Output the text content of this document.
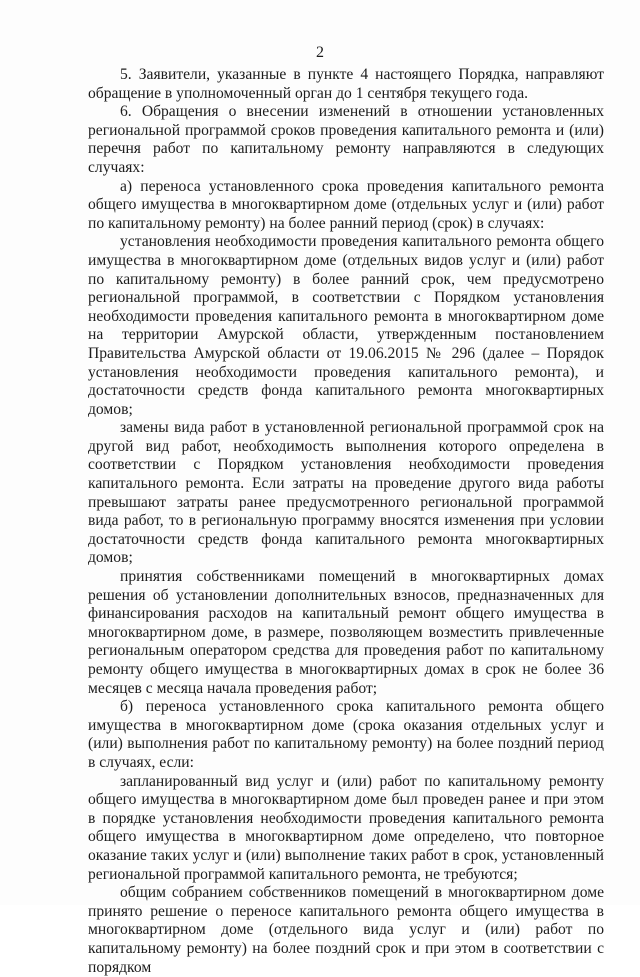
2

5. Заявители, указанные в пункте 4 настоящего Порядка, направляют обращение в уполномоченный орган до 1 сентября текущего года.

6. Обращения о внесении изменений в отношении установленных региональной программой сроков проведения капитального ремонта и (или) перечня работ по капитальному ремонту направляются в следующих случаях:

а) переноса установленного срока проведения капитального ремонта общего имущества в многоквартирном доме (отдельных услуг и (или) работ по капитальному ремонту) на более ранний период (срок) в случаях:

установления необходимости проведения капитального ремонта общего имущества в многоквартирном доме (отдельных видов услуг и (или) работ по капитальному ремонту) в более ранний срок, чем предусмотрено региональной программой, в соответствии с Порядком установления необходимости проведения капитального ремонта в многоквартирном доме на территории Амурской области, утвержденным постановлением Правительства Амурской области от 19.06.2015 № 296 (далее – Порядок установления необходимости проведения капитального ремонта), и достаточности средств фонда капитального ремонта многоквартирных домов;

замены вида работ в установленной региональной программой срок на другой вид работ, необходимость выполнения которого определена в соответствии с Порядком установления необходимости проведения капитального ремонта. Если затраты на проведение другого вида работы превышают затраты ранее предусмотренного региональной программой вида работ, то в региональную программу вносятся изменения при условии достаточности средств фонда капитального ремонта многоквартирных домов;

принятия собственниками помещений в многоквартирных домах решения об установлении дополнительных взносов, предназначенных для финансирования расходов на капитальный ремонт общего имущества в многоквартирном доме, в размере, позволяющем возместить привлеченные региональным оператором средства для проведения работ по капитальному ремонту общего имущества в многоквартирных домах в срок не более 36 месяцев с месяца начала проведения работ;

б) переноса установленного срока капитального ремонта общего имущества в многоквартирном доме (срока оказания отдельных услуг и (или) выполнения работ по капитальному ремонту) на более поздний период в случаях, если:

запланированный вид услуг и (или) работ по капитальному ремонту общего имущества в многоквартирном доме был проведен ранее и при этом в порядке установления необходимости проведения капитального ремонта общего имущества в многоквартирном доме определено, что повторное оказание таких услуг и (или) выполнение таких работ в срок, установленный региональной программой капитального ремонта, не требуются;

общим собранием собственников помещений в многоквартирном доме принято решение о переносе капитального ремонта общего имущества в многоквартирном доме (отдельного вида услуг и (или) работ по капитальному ремонту) на более поздний срок и при этом в соответствии с порядком
